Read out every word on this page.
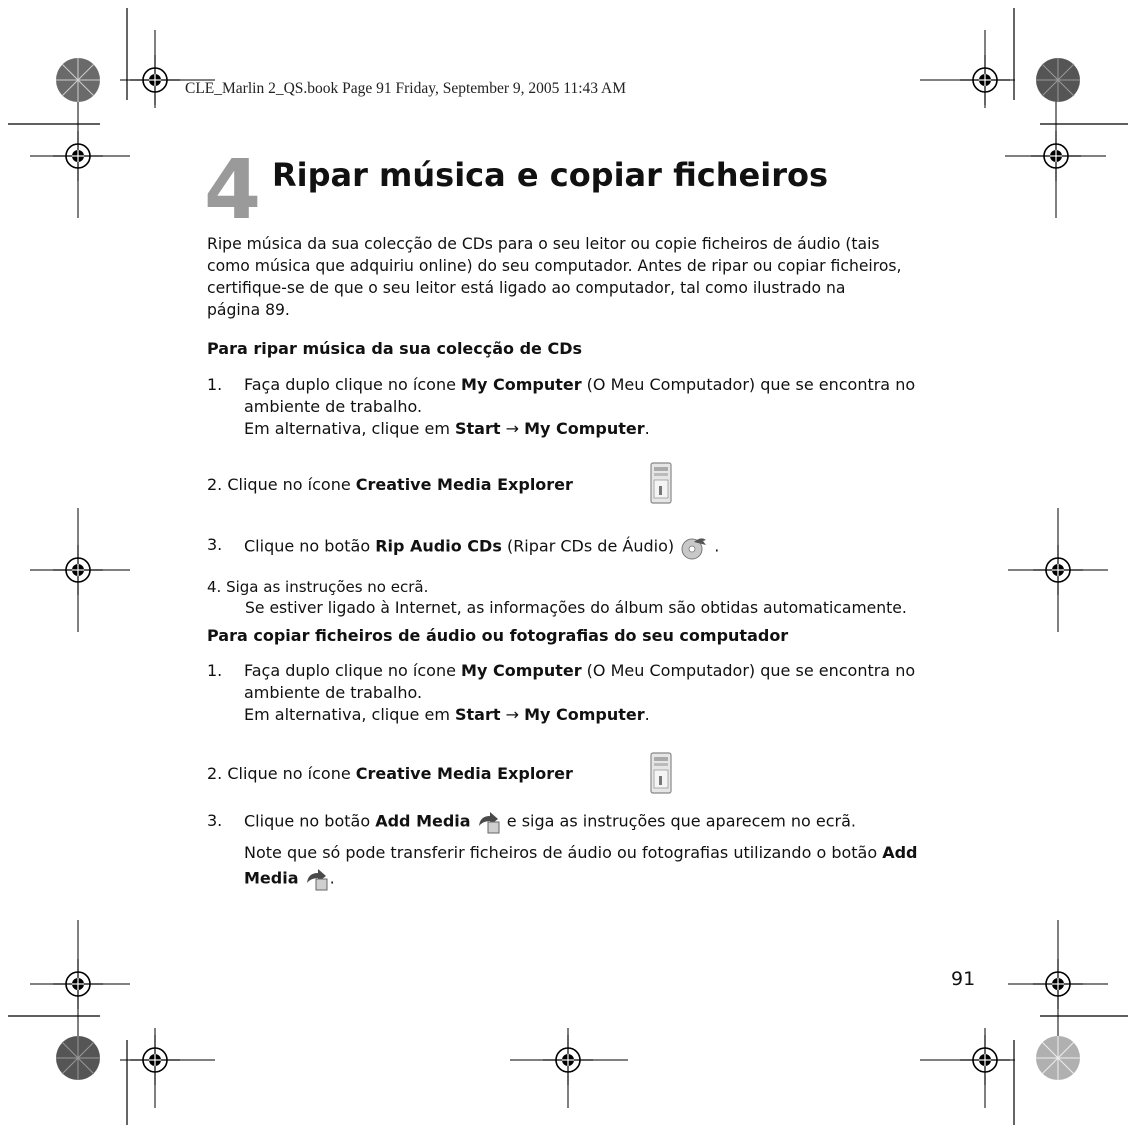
CLE_Marlin 2_QS.book Page 91 Friday, September 9, 2005 11:43 AM
4 Ripar música e copiar ficheiros
Ripe música da sua colecção de CDs para o seu leitor ou copie ficheiros de áudio (tais
como música que adquiriu online) do seu computador. Antes de ripar ou copiar ficheiros,
certifique-se de que o seu leitor está ligado ao computador, tal como ilustrado na
página 89.
Para ripar música da sua colecção de CDs
1. Faça duplo clique no ícone My Computer (O Meu Computador) que se encontra no
ambiente de trabalho.
Em alternativa, clique em Start → My Computer.
2. Clique no ícone Creative Media Explorer
3. Clique no botão Rip Audio CDs (Ripar CDs de Áudio)  .
4. Siga as instruções no ecrã.
Se estiver ligado à Internet, as informações do álbum são obtidas automaticamente.
Para copiar ficheiros de áudio ou fotografias do seu computador
1. Faça duplo clique no ícone My Computer (O Meu Computador) que se encontra no
ambiente de trabalho.
Em alternativa, clique em Start → My Computer.
2. Clique no ícone Creative Media Explorer
3. Clique no botão Add Media  e siga as instruções que aparecem no ecrã.
Note que só pode transferir ficheiros de áudio ou fotografias utilizando o botão Add
Media .
91
